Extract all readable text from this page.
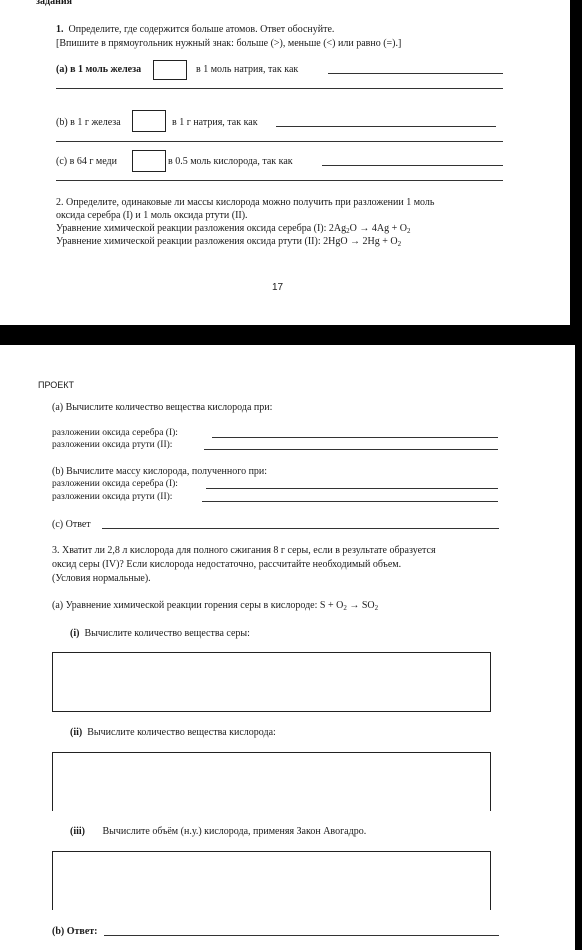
задания
1. Определите, где содержится больше атомов. Ответ обоснуйте.
[Впишите в прямоугольник нужный знак: больше (>), меньше (<) или равно (=).]
(a) в 1 моль железа	в 1 моль натрия, так как
(b) в 1 г железа	в 1 г натрия, так как
(c) в 64 г меди	в 0.5 моль кислорода, так как
2. Определите, одинаковые ли массы кислорода можно получить при разложении 1 моль
оксида серебра (I) и 1 моль оксида ртути (II).
Уравнение химической реакции разложения оксида серебра (I): $2Ag_2O \to 4Ag + O_2$
Уравнение химической реакции разложения оксида ртути (II): $2HgO \to 2Hg + O_2$
17
ПРОЕКТ
(a) Вычислите количество вещества кислорода при:
разложении оксида серебра (I):
разложении оксида ртути (II):
(b) Вычислите массу кислорода, полученного при:
разложении оксида серебра (I):
разложении оксида ртути (II):
(c) Ответ
3. Хватит ли 2,8 л кислорода для полного сжигания 8 г серы, если в результате образуется
оксид серы (IV)? Если кислорода недостаточно, рассчитайте необходимый объем.
(Условия нормальные).
(a) Уравнение химической реакции горения серы в кислороде: $S + O_2 \to SO_2$
(i) Вычислите количество вещества серы:
(ii) Вычислите количество вещества кислорода:
(iii) Вычислите объём (н.у.) кислорода, применяя Закон Авогадро.
(b) Ответ:
